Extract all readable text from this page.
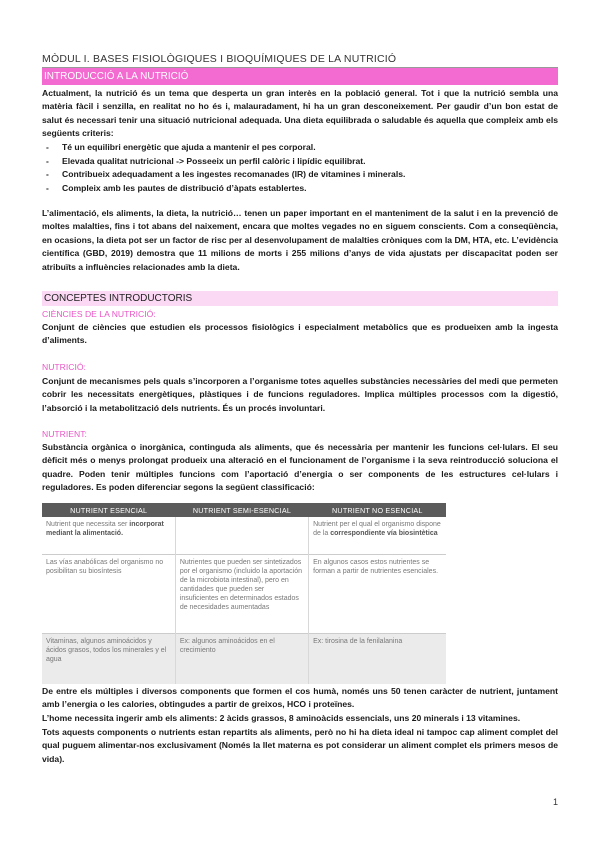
MÒDUL I. BASES FISIOLÒGIQUES I BIOQUÍMIQUES DE LA NUTRICIÓ
INTRODUCCIÓ A LA NUTRICIÓ
Actualment, la nutrició és un tema que desperta un gran interès en la població general. Tot i que la nutrició sembla una matèria fàcil i senzilla, en realitat no ho és i, malauradament, hi ha un gran desconeixement. Per gaudir d’un bon estat de salut és necessari tenir una situació nutricional adequada. Una dieta equilibrada o saludable és aquella que compleix amb els següents criteris:
- Té un equilibri energètic que ajuda a mantenir el pes corporal.
- Elevada qualitat nutricional -> Posseeix un perfil calòric i lipídic equilibrat.
- Contribueix adequadament a les ingestes recomanades (IR) de vitamines i minerals.
- Compleix amb les pautes de distribució d’àpats establertes.
L’alimentació, els aliments, la dieta, la nutrició… tenen un paper important en el manteniment de la salut i en la prevenció de moltes malalties, fins i tot abans del naixement, encara que moltes vegades no en siguem conscients. Com a conseqüència, en ocasions, la dieta pot ser un factor de risc per al desenvolupament de malalties cròniques com la DM, HTA, etc. L’evidència científica (GBD, 2019) demostra que 11 milions de morts i 255 milions d’anys de vida ajustats per discapacitat poden ser atribuïts a influències relacionades amb la dieta.
CONCEPTES INTRODUCTORIS
CIÈNCIES DE LA NUTRICIÓ:
Conjunt de ciències que estudien els processos fisiològics i especialment metabòlics que es produeixen amb la ingesta d’aliments.
NUTRICIÓ:
Conjunt de mecanismes pels quals s’incorporen a l’organisme totes aquelles substàncies necessàries del medi que permeten cobrir les necessitats energètiques, plàstiques i de funcions reguladores. Implica múltiples processos com la digestió, l’absorció i la metabolització dels nutrients. És un procés involuntari.
NUTRIENT:
Substància orgànica o inorgànica, continguda als aliments, que és necessària per mantenir les funcions cel·lulars. El seu dèficit més o menys prolongat produeix una alteració en el funcionament de l’organisme i la seva reintroducció soluciona el quadre. Poden tenir múltiples funcions com l’aportació d’energia o ser components de les estructures cel·lulars i reguladores. Es poden diferenciar segons la següent classificació:
NUTRIENT ESENCIAL	NUTRIENT SEMI-ESENCIAL	NUTRIENT NO ESENCIAL
Nutrient que necessita ser incorporat mediant la alimentació.		Nutrient per el qual el organismo dispone de la correspondiente vía biosintètica
Las vías anabólicas del organismo no posibilitan su biosíntesis	Nutrientes que pueden ser sintetizados por el organismo (incluido la aportación de la microbiota intestinal), pero en cantidades que pueden ser insuficientes en determinados estados de necesidades aumentadas	En algunos casos estos nutrientes se forman a partir de nutrientes esenciales.
Vitaminas, algunos aminoácidos y ácidos grasos, todos los minerales y el agua	Ex: algunos aminoácidos en el crecimiento	Ex: tirosina de la fenilalanina
De entre els múltiples i diversos components que formen el cos humà, només uns 50 tenen caràcter de nutrient, juntament amb l’energia o les calories, obtingudes a partir de greixos, HCO i proteïnes.
L’home necessita ingerir amb els aliments: 2 àcids grassos, 8 aminoàcids essencials, uns 20 minerals i 13 vitamines.
Tots aquests components o nutrients estan repartits als aliments, però no hi ha dieta ideal ni tampoc cap aliment complet del qual puguem alimentar-nos exclusivament (Només la llet materna es pot considerar un aliment complet els primers mesos de vida).
1
